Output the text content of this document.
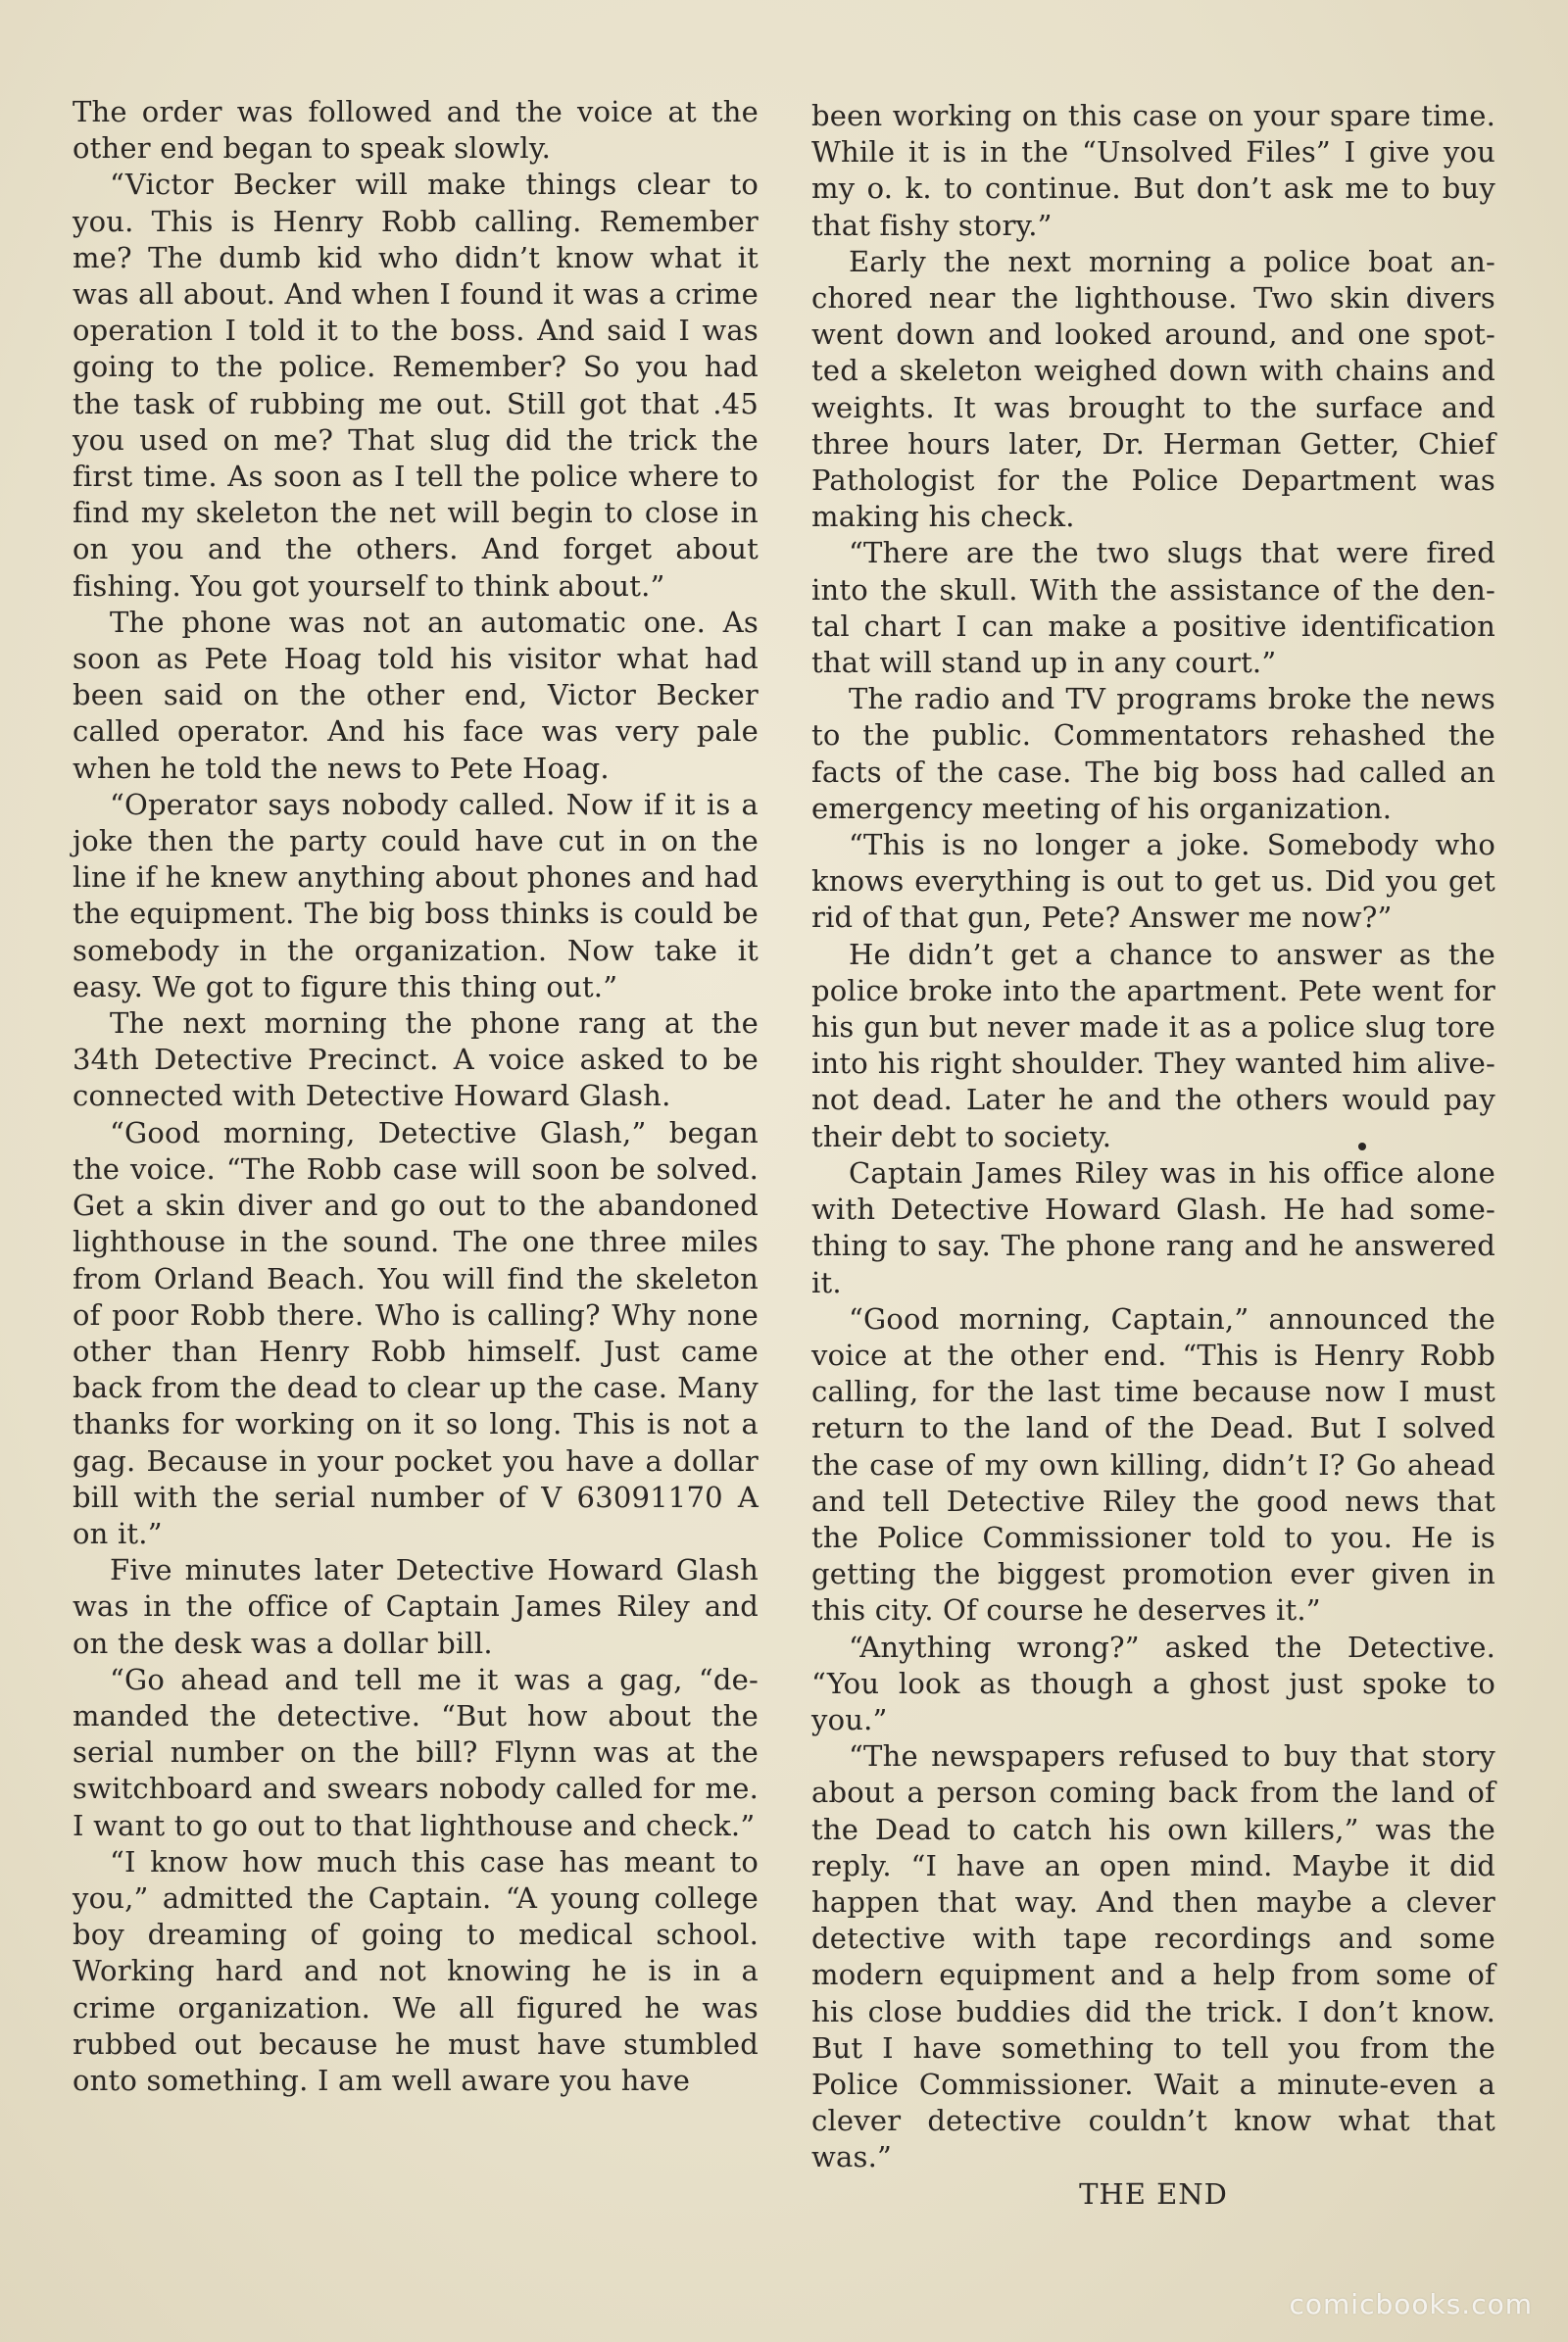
The order was followed and the voice at the other end began to speak slowly.

“Victor Becker will make things clear to you. This is Henry Robb calling. Remember me? The dumb kid who didn’t know what it was all about. And when I found it was a crime operation I told it to the boss. And said I was going to the police. Remember? So you had the task of rubbing me out. Still got that .45 you used on me? That slug did the trick the first time. As soon as I tell the police where to find my skeleton the net will begin to close in on you and the others. And forget about fishing. You got yourself to think about.”

The phone was not an automatic one. As soon as Pete Hoag told his visitor what had been said on the other end, Victor Becker called operator. And his face was very pale when he told the news to Pete Hoag.

“Operator says nobody called. Now if it is a joke then the party could have cut in on the line if he knew anything about phones and had the equipment. The big boss thinks is could be somebody in the organization. Now take it easy. We got to figure this thing out.”

The next morning the phone rang at the 34th Detective Precinct. A voice asked to be connected with Detective Howard Glash.

“Good morning, Detective Glash,” began the voice. “The Robb case will soon be solved. Get a skin diver and go out to the abandoned lighthouse in the sound. The one three miles from Orland Beach. You will find the skeleton of poor Robb there. Who is calling? Why none other than Henry Robb himself. Just came back from the dead to clear up the case. Many thanks for working on it so long. This is not a gag. Because in your pocket you have a dollar bill with the serial number of V 63091170 A on it.”

Five minutes later Detective Howard Glash was in the office of Captain James Riley and on the desk was a dollar bill.

“Go ahead and tell me it was a gag, “de- manded the detective. “But how about the serial number on the bill? Flynn was at the switchboard and swears nobody called for me. I want to go out to that lighthouse and check.”

“I know how much this case has meant to you,” admitted the Captain. “A young college boy dreaming of going to medical school. Working hard and not knowing he is in a crime organization. We all figured he was rubbed out because he must have stumbled onto something. I am well aware you have

been working on this case on your spare time. While it is in the “Unsolved Files” I give you my o. k. to continue. But don’t ask me to buy that fishy story.”

Early the next morning a police boat an- chored near the lighthouse. Two skin divers went down and looked around, and one spot- ted a skeleton weighed down with chains and weights. It was brought to the surface and three hours later, Dr. Herman Getter, Chief Pathologist for the Police Department was making his check.

“There are the two slugs that were fired into the skull. With the assistance of the den- tal chart I can make a positive identification that will stand up in any court.”

The radio and TV programs broke the news to the public. Commentators rehashed the facts of the case. The big boss had called an emergency meeting of his organization.

“This is no longer a joke. Somebody who knows everything is out to get us. Did you get rid of that gun, Pete? Answer me now?”

He didn’t get a chance to answer as the police broke into the apartment. Pete went for his gun but never made it as a police slug tore into his right shoulder. They wanted him alive-not dead. Later he and the others would pay their debt to society.

Captain James Riley was in his office alone with Detective Howard Glash. He had some- thing to say. The phone rang and he answered it.

“Good morning, Captain,” announced the voice at the other end. “This is Henry Robb calling, for the last time because now I must return to the land of the Dead. But I solved the case of my own killing, didn’t I? Go ahead and tell Detective Riley the good news that the Police Commissioner told to you. He is getting the biggest promotion ever given in this city. Of course he deserves it.”

“Anything wrong?” asked the Detective. “You look as though a ghost just spoke to you.”

“The newspapers refused to buy that story about a person coming back from the land of the Dead to catch his own killers,” was the reply. “I have an open mind. Maybe it did happen that way. And then maybe a clever detective with tape recordings and some modern equipment and a help from some of his close buddies did the trick. I don’t know. But I have something to tell you from the Police Commissioner. Wait a minute-even a clever detective couldn’t know what that was.”

THE END

comicbooks.com
